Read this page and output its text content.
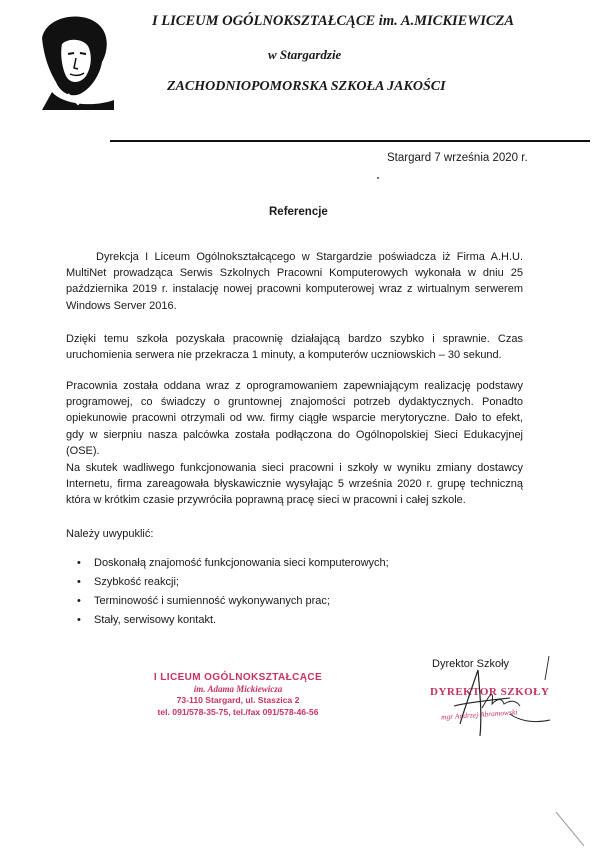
I LICEUM OGÓLNOKSZTAŁCĄCE im. A.MICKIEWICZA
w Stargardzie
ZACHODNIOPOMORSKA SZKOŁA JAKOŚCI
Stargard 7 września 2020 r.
Referencje

Dyrekcja I Liceum Ogólnokształcącego w Stargardzie poświadcza iż Firma A.H.U. MultiNet prowadząca Serwis Szkolnych Pracowni Komputerowych wykonała w dniu 25 października 2019 r. instalację nowej pracowni komputerowej wraz z wirtualnym serwerem Windows Server 2016.

Dzięki temu szkoła pozyskała pracownię działającą bardzo szybko i sprawnie. Czas uruchomienia serwera nie przekracza 1 minuty, a komputerów uczniowskich – 30 sekund.

Pracownia została oddana wraz z oprogramowaniem zapewniającym realizację podstawy programowej, co świadczy o gruntownej znajomości potrzeb dydaktycznych. Ponadto opiekunowie pracowni otrzymali od ww. firmy ciągłe wsparcie merytoryczne. Dało to efekt, gdy w sierpniu nasza palcówka została podłączona do Ogólnopolskiej Sieci Edukacyjnej (OSE).

Na skutek wadliwego funkcjonowania sieci pracowni i szkoły w wyniku zmiany dostawcy Internetu, firma zareagowała błyskawicznie wysyłając 5 września 2020 r. grupę techniczną która w krótkim czasie przywróciła poprawną pracę sieci w pracowni i całej szkole.

Należy uwypuklić:

• Doskonałą znajomość funkcjonowania sieci komputerowych;
• Szybkość reakcji;
• Terminowość i sumienność wykonywanych prac;
• Stały, serwisowy kontakt.
I LICEUM OGÓLNOKSZTAŁCĄCE
im. Adama Mickiewicza
73-110 Stargard, ul. Staszica 2
tel. 091/578-35-75, tel./fax 091/578-46-56
Dyrektor Szkoły
DYREKTOR SZKOŁY
mgr Andrzej Abramowski
